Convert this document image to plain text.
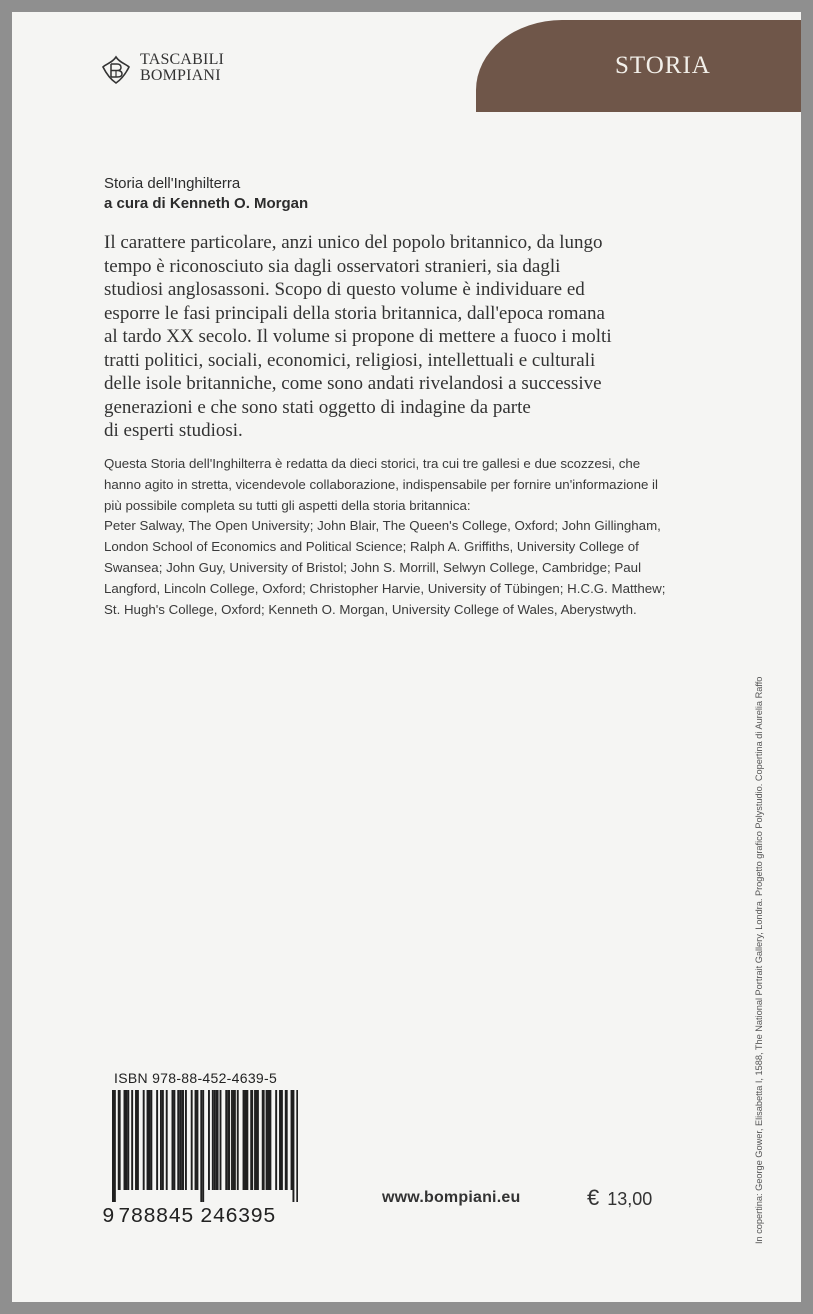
STORIA
TASCABILI
BOMPIANI
Storia dell'Inghilterra
a cura di Kenneth O. Morgan
Il carattere particolare, anzi unico del popolo britannico, da lungo
tempo è riconosciuto sia dagli osservatori stranieri, sia dagli
studiosi anglosassoni. Scopo di questo volume è individuare ed
esporre le fasi principali della storia britannica, dall'epoca romana
al tardo XX secolo. Il volume si propone di mettere a fuoco i molti
tratti politici, sociali, economici, religiosi, intellettuali e culturali
delle isole britanniche, come sono andati rivelandosi a successive
generazioni e che sono stati oggetto di indagine da parte
di esperti studiosi.
Questa Storia dell'Inghilterra è redatta da dieci storici, tra cui tre gallesi e due scozzesi, che
hanno agito in stretta, vicendevole collaborazione, indispensabile per fornire un'informazione il
più possibile completa su tutti gli aspetti della storia britannica:
Peter Salway, The Open University; John Blair, The Queen's College, Oxford; John Gillingham,
London School of Economics and Political Science; Ralph A. Griffiths, University College of
Swansea; John Guy, University of Bristol; John S. Morrill, Selwyn College, Cambridge; Paul
Langford, Lincoln College, Oxford; Christopher Harvie, University of Tübingen; H.C.G. Matthew;
St. Hugh's College, Oxford; Kenneth O. Morgan, University College of Wales, Aberystwyth.
ISBN 978-88-452-4639-5
9 788845 246395
www.bompiani.eu	€ 13,00	In copertina: George Gower, Elisabetta I, 1588, The National Portrait Gallery, Londra. Progetto grafico Polystudio. Copertina di Aurelia Raffo
